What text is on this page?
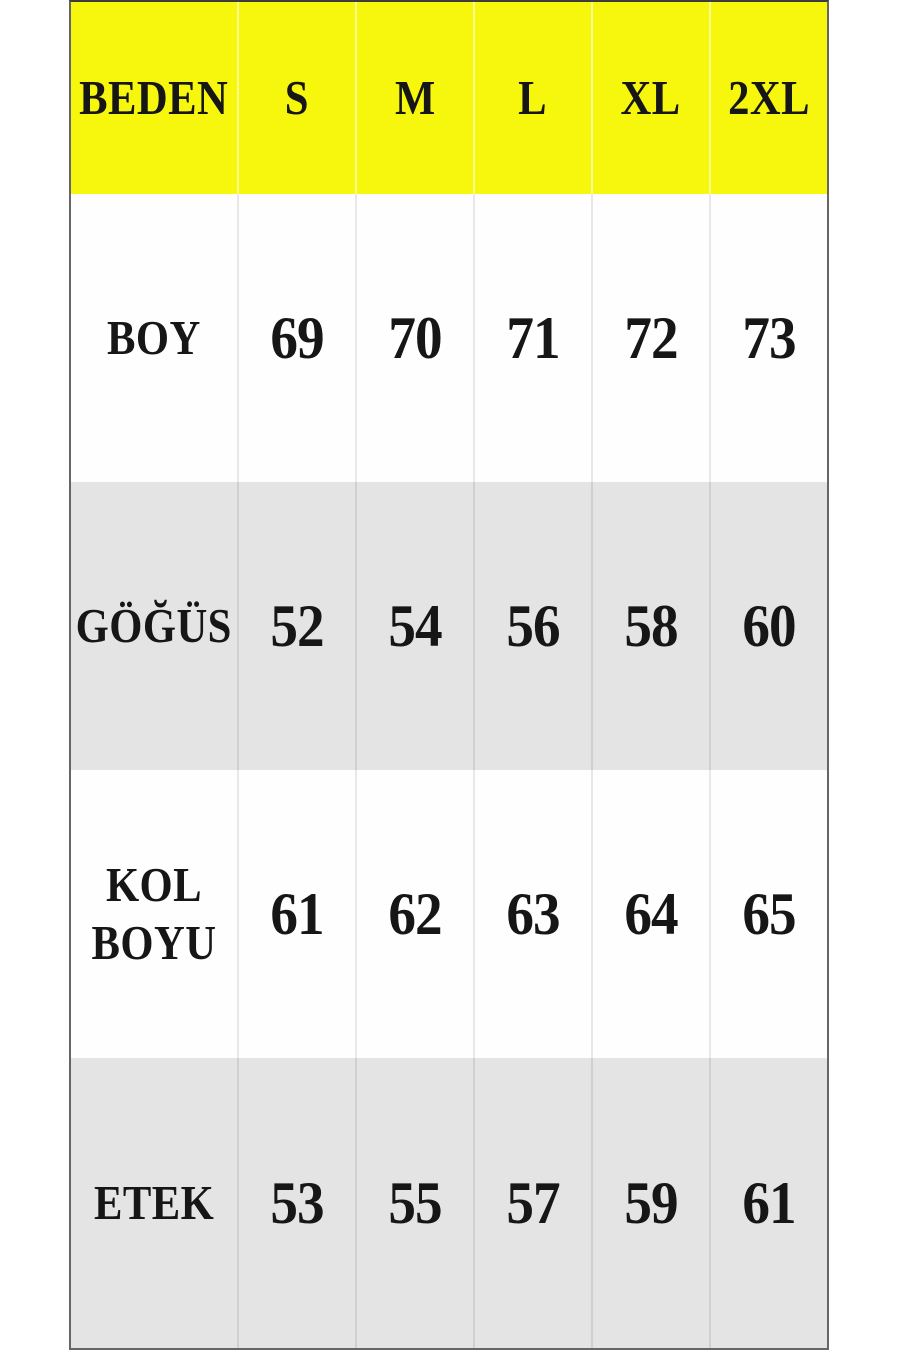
BEDEN S M L XL 2XL
BOY 69 70 71 72 73
GÖĞÜS 52 54 56 58 60
KOL BOYU 61 62 63 64 65
ETEK 53 55 57 59 61
